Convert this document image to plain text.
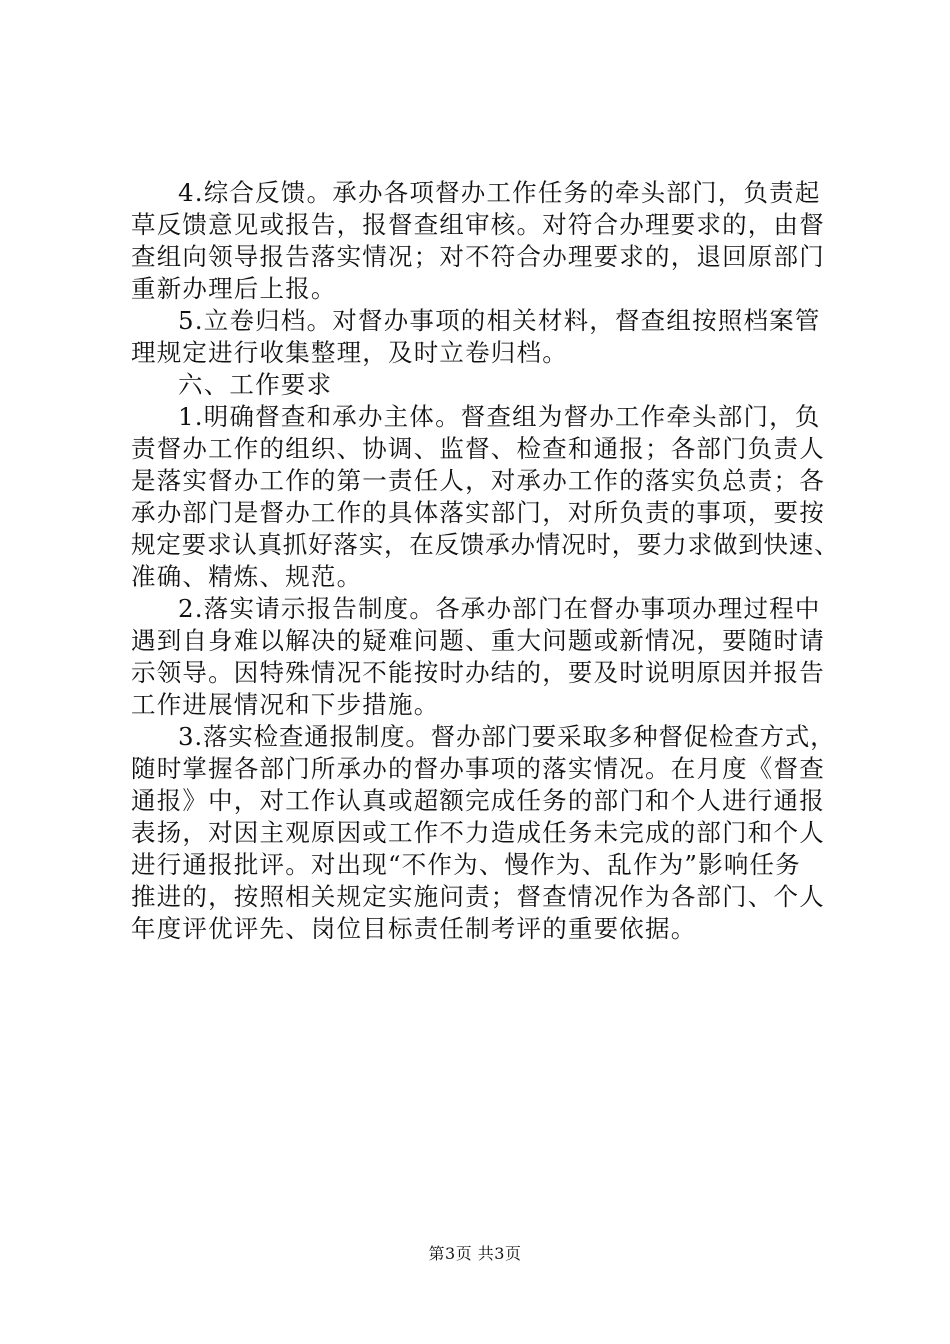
4.综合反馈。承办各项督办工作任务的牵头部门，负责起
草反馈意见或报告，报督查组审核。对符合办理要求的，由督
查组向领导报告落实情况；对不符合办理要求的，退回原部门
重新办理后上报。
5.立卷归档。对督办事项的相关材料，督查组按照档案管
理规定进行收集整理，及时立卷归档。
六、工作要求
1.明确督查和承办主体。督查组为督办工作牵头部门，负
责督办工作的组织、协调、监督、检查和通报；各部门负责人
是落实督办工作的第一责任人，对承办工作的落实负总责；各
承办部门是督办工作的具体落实部门，对所负责的事项，要按
规定要求认真抓好落实，在反馈承办情况时，要力求做到快速、
准确、精炼、规范。
2.落实请示报告制度。各承办部门在督办事项办理过程中
遇到自身难以解决的疑难问题、重大问题或新情况，要随时请
示领导。因特殊情况不能按时办结的，要及时说明原因并报告
工作进展情况和下步措施。
3.落实检查通报制度。督办部门要采取多种督促检查方式，
随时掌握各部门所承办的督办事项的落实情况。在月度《督查
通报》中，对工作认真或超额完成任务的部门和个人进行通报
表扬，对因主观原因或工作不力造成任务未完成的部门和个人
进行通报批评。对出现“不作为、慢作为、乱作为”影响任务
推进的，按照相关规定实施问责；督查情况作为各部门、个人
年度评优评先、岗位目标责任制考评的重要依据。
第3页 共3页
